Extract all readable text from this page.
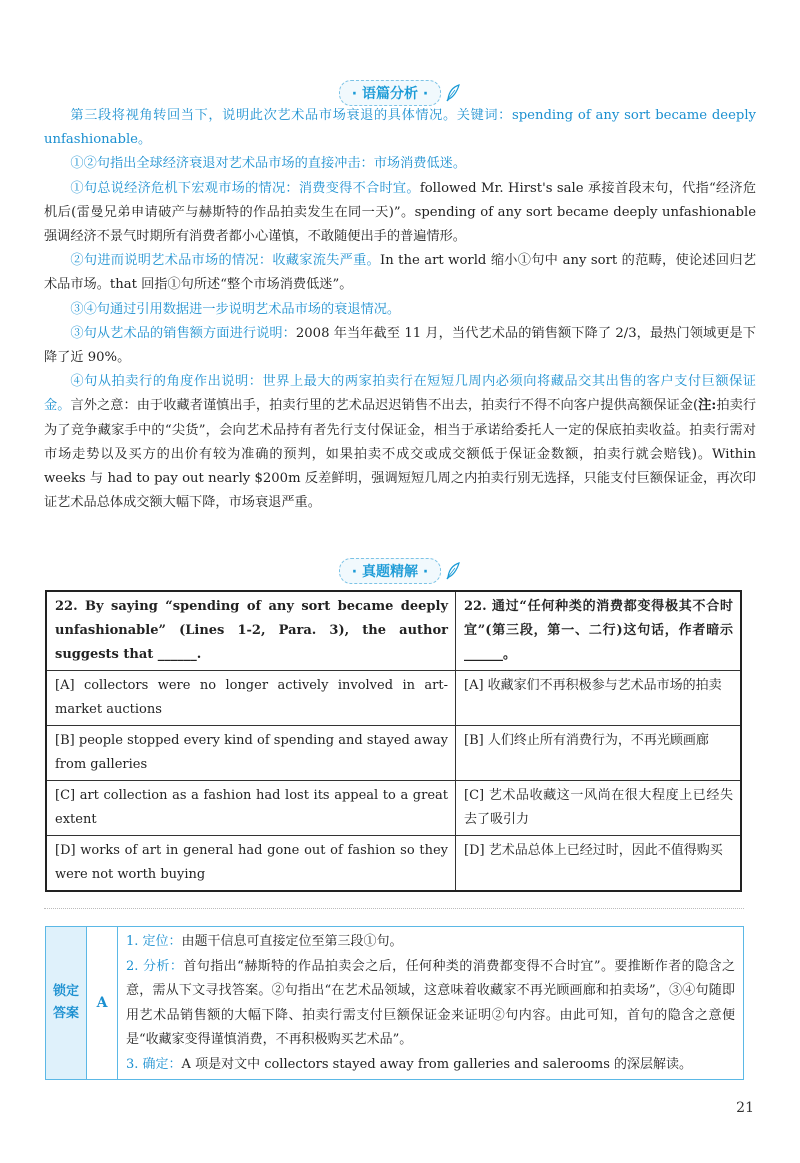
· 语篇分析 ·

第三段将视角转回当下，说明此次艺术品市场衰退的具体情况。关键词：spending of any sort became deeply unfashionable。

①②句指出全球经济衰退对艺术品市场的直接冲击：市场消费低迷。

①句总说经济危机下宏观市场的情况：消费变得不合时宜。followed Mr. Hirst's sale 承接首段末句，代指“经济危机后(雷曼兄弟申请破产与赫斯特的作品拍卖发生在同一天)”。spending of any sort became deeply unfashionable 强调经济不景气时期所有消费者都小心谨慎，不敢随便出手的普遍情形。

②句进而说明艺术品市场的情况：收藏家流失严重。In the art world 缩小①句中 any sort 的范畴，使论述回归艺术品市场。that 回指①句所述“整个市场消费低迷”。

③④句通过引用数据进一步说明艺术品市场的衰退情况。

③句从艺术品的销售额方面进行说明：2008 年当年截至 11 月，当代艺术品的销售额下降了 2/3，最热门领域更是下降了近 90%。

④句从拍卖行的角度作出说明：世界上最大的两家拍卖行在短短几周内必须向将藏品交其出售的客户支付巨额保证金。言外之意：由于收藏者谨慎出手，拍卖行里的艺术品迟迟销售不出去，拍卖行不得不向客户提供高额保证金(注:拍卖行为了竞争藏家手中的“尖货”，会向艺术品持有者先行支付保证金，相当于承诺给委托人一定的保底拍卖收益。拍卖行需对市场走势以及买方的出价有较为准确的预判，如果拍卖不成交或成交额低于保证金数额，拍卖行就会赔钱)。Within weeks 与 had to pay out nearly $200m 反差鲜明，强调短短几周之内拍卖行别无选择，只能支付巨额保证金，再次印证艺术品总体成交额大幅下降，市场衰退严重。

· 真题精解 ·
22. By saying “spending of any sort became deeply unfashionable” (Lines 1-2, Para. 3), the author suggests that ______.	22. 通过“任何种类的消费都变得极其不合时宜”(第三段，第一、二行)这句话，作者暗示______。
[A] collectors were no longer actively involved in art-market auctions	[A] 收藏家们不再积极参与艺术品市场的拍卖
[B] people stopped every kind of spending and stayed away from galleries	[B] 人们终止所有消费行为，不再光顾画廊
[C] art collection as a fashion had lost its appeal to a great extent	[C] 艺术品收藏这一风尚在很大程度上已经失去了吸引力
[D] works of art in general had gone out of fashion so they were not worth buying	[D] 艺术品总体上已经过时，因此不值得购买
锁定答案
A

1. 定位：由题干信息可直接定位至第三段①句。

2. 分析：首句指出“赫斯特的作品拍卖会之后，任何种类的消费都变得不合时宜”。要推断作者的隐含之意，需从下文寻找答案。②句指出“在艺术品领域，这意味着收藏家不再光顾画廊和拍卖场”，③④句随即用艺术品销售额的大幅下降、拍卖行需支付巨额保证金来证明②句内容。由此可知，首句的隐含之意便是“收藏家变得谨慎消费，不再积极购买艺术品”。

3. 确定：A 项是对文中 collectors stayed away from galleries and salerooms 的深层解读。

21
